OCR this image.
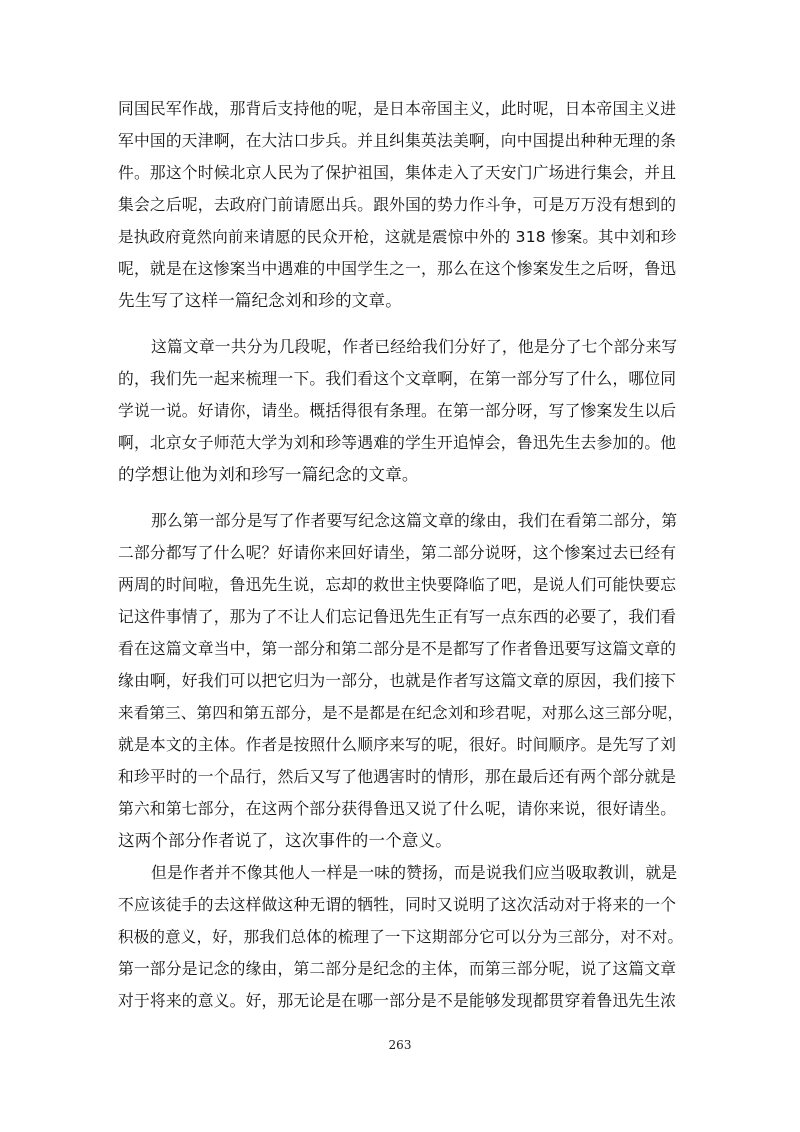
同国民军作战，那背后支持他的呢，是日本帝国主义，此时呢，日本帝国主义进
军中国的天津啊，在大沽口步兵。并且纠集英法美啊，向中国提出种种无理的条
件。那这个时候北京人民为了保护祖国，集体走入了天安门广场进行集会，并且
集会之后呢，去政府门前请愿出兵。跟外国的势力作斗争，可是万万没有想到的
是执政府竟然向前来请愿的民众开枪，这就是震惊中外的 318 惨案。其中刘和珍
呢，就是在这惨案当中遇难的中国学生之一，那么在这个惨案发生之后呀，鲁迅
先生写了这样一篇纪念刘和珍的文章。
这篇文章一共分为几段呢，作者已经给我们分好了，他是分了七个部分来写
的，我们先一起来梳理一下。我们看这个文章啊，在第一部分写了什么，哪位同
学说一说。好请你，请坐。概括得很有条理。在第一部分呀，写了惨案发生以后
啊，北京女子师范大学为刘和珍等遇难的学生开追悼会，鲁迅先生去参加的。他
的学想让他为刘和珍写一篇纪念的文章。
那么第一部分是写了作者要写纪念这篇文章的缘由，我们在看第二部分，第
二部分都写了什么呢？好请你来回好请坐，第二部分说呀，这个惨案过去已经有
两周的时间啦，鲁迅先生说，忘却的救世主快要降临了吧，是说人们可能快要忘
记这件事情了，那为了不让人们忘记鲁迅先生正有写一点东西的必要了，我们看
看在这篇文章当中，第一部分和第二部分是不是都写了作者鲁迅要写这篇文章的
缘由啊，好我们可以把它归为一部分，也就是作者写这篇文章的原因，我们接下
来看第三、第四和第五部分，是不是都是在纪念刘和珍君呢，对那么这三部分呢，
就是本文的主体。作者是按照什么顺序来写的呢，很好。时间顺序。是先写了刘
和珍平时的一个品行，然后又写了他遇害时的情形，那在最后还有两个部分就是
第六和第七部分，在这两个部分获得鲁迅又说了什么呢，请你来说，很好请坐。
这两个部分作者说了，这次事件的一个意义。
但是作者并不像其他人一样是一味的赞扬，而是说我们应当吸取教训，就是
不应该徒手的去这样做这种无谓的牺牲，同时又说明了这次活动对于将来的一个
积极的意义，好，那我们总体的梳理了一下这期部分它可以分为三部分，对不对。
第一部分是记念的缘由，第二部分是纪念的主体，而第三部分呢，说了这篇文章
对于将来的意义。好，那无论是在哪一部分是不是能够发现都贯穿着鲁迅先生浓
263
